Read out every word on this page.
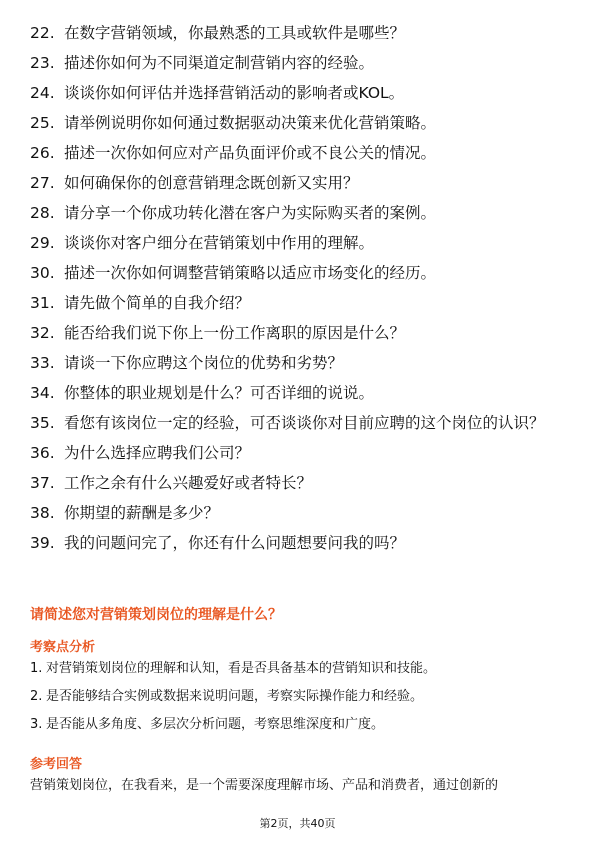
22. 在数字营销领域，你最熟悉的工具或软件是哪些？
23. 描述你如何为不同渠道定制营销内容的经验。
24. 谈谈你如何评估并选择营销活动的影响者或KOL。
25. 请举例说明你如何通过数据驱动决策来优化营销策略。
26. 描述一次你如何应对产品负面评价或不良公关的情况。
27. 如何确保你的创意营销理念既创新又实用？
28. 请分享一个你成功转化潜在客户为实际购买者的案例。
29. 谈谈你对客户细分在营销策划中作用的理解。
30. 描述一次你如何调整营销策略以适应市场变化的经历。
31. 请先做个简单的自我介绍？
32. 能否给我们说下你上一份工作离职的原因是什么？
33. 请谈一下你应聘这个岗位的优势和劣势？
34. 你整体的职业规划是什么？可否详细的说说。
35. 看您有该岗位一定的经验，可否谈谈你对目前应聘的这个岗位的认识？
36. 为什么选择应聘我们公司？
37. 工作之余有什么兴趣爱好或者特长？
38. 你期望的薪酬是多少？
39. 我的问题问完了，你还有什么问题想要问我的吗？
请简述您对营销策划岗位的理解是什么？
考察点分析
1. 对营销策划岗位的理解和认知，看是否具备基本的营销知识和技能。
2. 是否能够结合实例或数据来说明问题，考察实际操作能力和经验。
3. 是否能从多角度、多层次分析问题，考察思维深度和广度。
参考回答

营销策划岗位，在我看来，是一个需要深度理解市场、产品和消费者，通过创新的

第2页，共40页
